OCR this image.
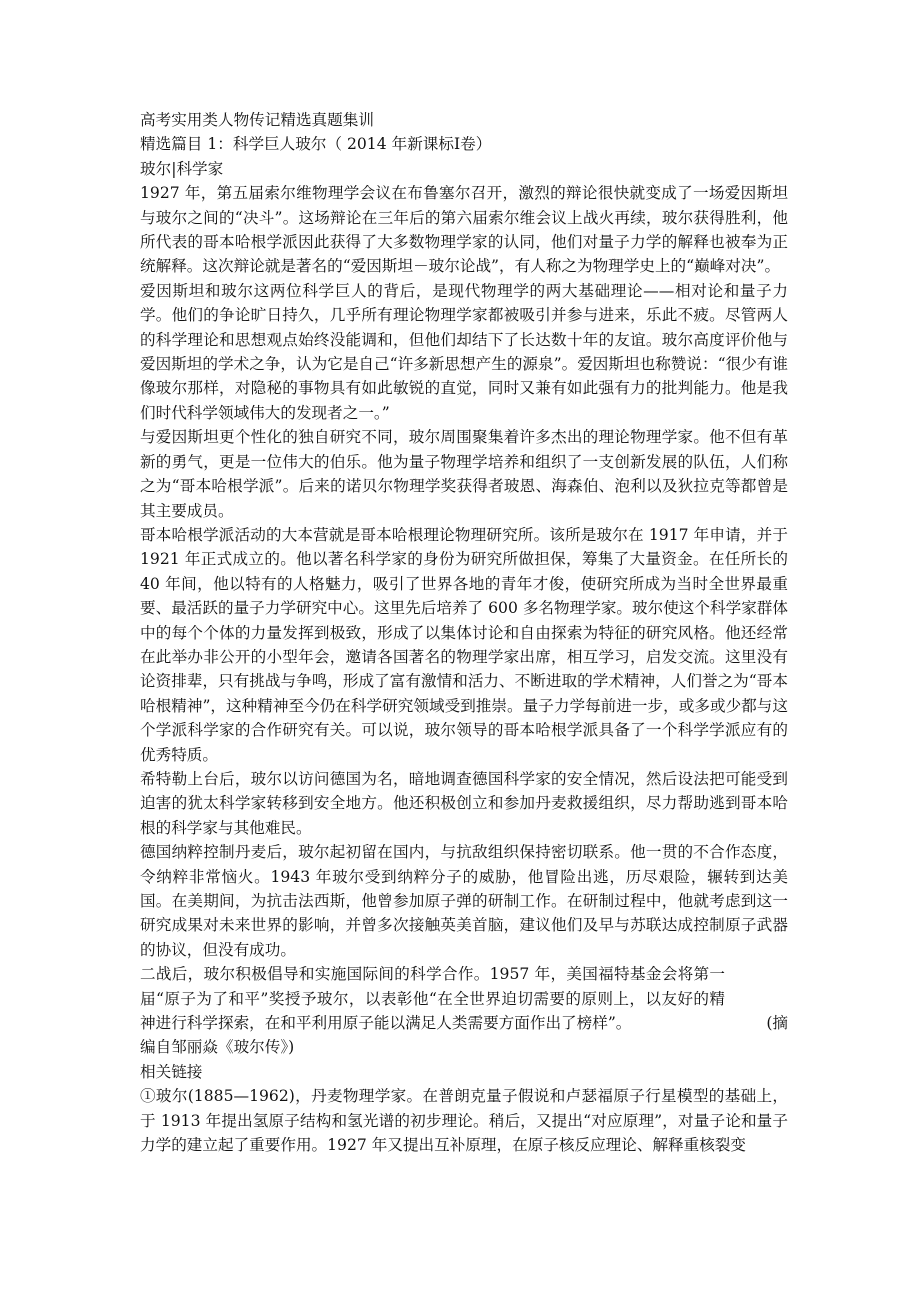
高考实用类人物传记精选真题集训

精选篇目 1：科学巨人玻尔（ 2014 年新课标Ⅰ卷）

玻尔|科学家

1927 年，第五届索尔维物理学会议在布鲁塞尔召开，激烈的辩论很快就变成了一场爱因斯坦与玻尔之间的“决斗”。这场辩论在三年后的第六届索尔维会议上战火再续，玻尔获得胜利，他所代表的哥本哈根学派因此获得了大多数物理学家的认同，他们对量子力学的解释也被奉为正统解释。这次辩论就是著名的“爱因斯坦－玻尔论战”，有人称之为物理学史上的“巅峰对决”。

爱因斯坦和玻尔这两位科学巨人的背后，是现代物理学的两大基础理论——相对论和量子力学。他们的争论旷日持久，几乎所有理论物理学家都被吸引并参与进来，乐此不疲。尽管两人的科学理论和思想观点始终没能调和，但他们却结下了长达数十年的友谊。玻尔高度评价他与爱因斯坦的学术之争，认为它是自己“许多新思想产生的源泉”。爱因斯坦也称赞说：“很少有谁像玻尔那样，对隐秘的事物具有如此敏锐的直觉，同时又兼有如此强有力的批判能力。他是我们时代科学领域伟大的发现者之一。”

与爱因斯坦更个性化的独自研究不同，玻尔周围聚集着许多杰出的理论物理学家。他不但有革新的勇气，更是一位伟大的伯乐。他为量子物理学培养和组织了一支创新发展的队伍，人们称之为“哥本哈根学派”。后来的诺贝尔物理学奖获得者玻恩、海森伯、泡利以及狄拉克等都曾是其主要成员。

哥本哈根学派活动的大本营就是哥本哈根理论物理研究所。该所是玻尔在 1917 年申请，并于 1921 年正式成立的。他以著名科学家的身份为研究所做担保，筹集了大量资金。在任所长的 40 年间，他以特有的人格魅力，吸引了世界各地的青年才俊，使研究所成为当时全世界最重要、最活跃的量子力学研究中心。这里先后培养了 600 多名物理学家。玻尔使这个科学家群体中的每个个体的力量发挥到极致，形成了以集体讨论和自由探索为特征的研究风格。他还经常在此举办非公开的小型年会，邀请各国著名的物理学家出席，相互学习，启发交流。这里没有论资排辈，只有挑战与争鸣，形成了富有激情和活力、不断进取的学术精神，人们誉之为“哥本哈根精神”，这种精神至今仍在科学研究领域受到推崇。量子力学每前进一步，或多或少都与这个学派科学家的合作研究有关。可以说，玻尔领导的哥本哈根学派具备了一个科学学派应有的优秀特质。

希特勒上台后，玻尔以访问德国为名，暗地调查德国科学家的安全情况，然后设法把可能受到迫害的犹太科学家转移到安全地方。他还积极创立和参加丹麦救援组织，尽力帮助逃到哥本哈根的科学家与其他难民。

德国纳粹控制丹麦后，玻尔起初留在国内，与抗敌组织保持密切联系。他一贯的不合作态度，令纳粹非常恼火。1943 年玻尔受到纳粹分子的威胁，他冒险出逃，历尽艰险，辗转到达美国。在美期间，为抗击法西斯，他曾参加原子弹的研制工作。在研制过程中，他就考虑到这一研究成果对未来世界的影响，并曾多次接触英美首脑，建议他们及早与苏联达成控制原子武器的协议，但没有成功。

二战后，玻尔积极倡导和实施国际间的科学合作。1957 年，美国福特基金会将第一届“原子为了和平”奖授予玻尔，以表彰他“在全世界迫切需要的原则上，以友好的精神进行科学探索，在和平利用原子能以满足人类需要方面作出了榜样”。	(摘

编自邹丽焱《玻尔传》)

相关链接

①玻尔(1885—1962)，丹麦物理学家。在普朗克量子假说和卢瑟福原子行星模型的基础上，于 1913 年提出氢原子结构和氢光谱的初步理论。稍后，又提出“对应原理”，对量子论和量子力学的建立起了重要作用。1927 年又提出互补原理，在原子核反应理论、解释重核裂变
